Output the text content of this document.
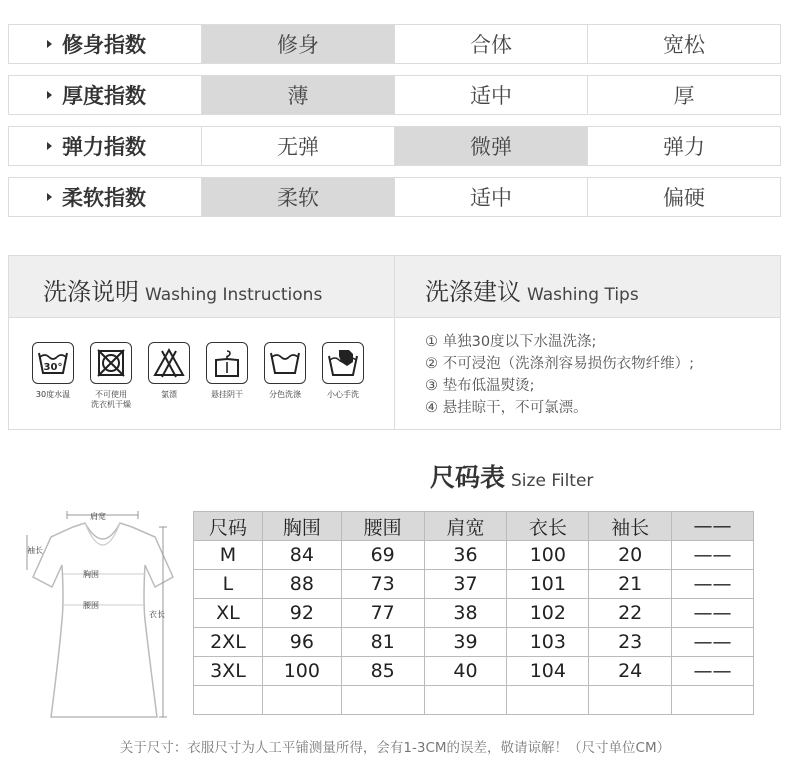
修身指数	修身	合体	宽松
厚度指数	薄	适中	厚
弹力指数	无弹	微弹	弹力
柔软指数	柔软	适中	偏硬
洗涤说明 Washing Instructions	洗涤建议 Washing Tips
30°
30度水温	不可使用
洗衣机干燥
氯漂	悬挂阴干	分色洗涤	小心手洗
① 单独30度以下水温洗涤;
② 不可浸泡（洗涤剂容易损伤衣物纤维）;
③ 垫布低温熨烫;
④ 悬挂晾干，不可氯漂。
尺码表 Size Filter
肩宽
袖长
胸围
腰围
衣长
尺码	胸围	腰围	肩宽	衣长	袖长	——
M	84	69	36	100	20	——
L	88	73	37	101	21	——
XL	92	77	38	102	22	——
2XL	96	81	39	103	23	——
3XL	100	85	40	104	24	——

关于尺寸：衣服尺寸为人工平铺测量所得，会有1-3CM的误差，敬请谅解！（尺寸单位CM）
